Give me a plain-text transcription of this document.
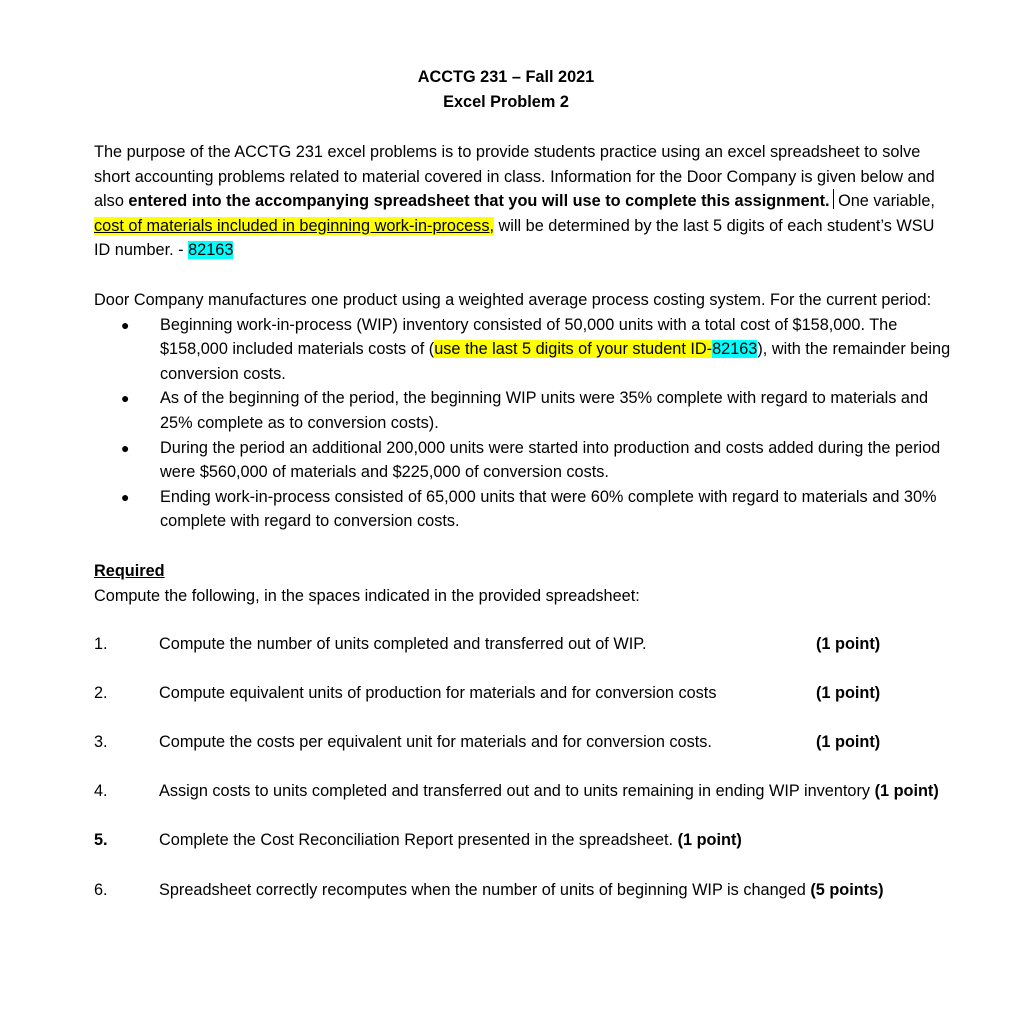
ACCTG 231 – Fall 2021
Excel Problem 2

The purpose of the ACCTG 231 excel problems is to provide students practice using an excel spreadsheet to solve short accounting problems related to material covered in class. Information for the Door Company is given below and also entered into the accompanying spreadsheet that you will use to complete this assignment. One variable, cost of materials included in beginning work-in-process, will be determined by the last 5 digits of each student’s WSU ID number. - 82163

Door Company manufactures one product using a weighted average process costing system. For the current period:

● Beginning work-in-process (WIP) inventory consisted of 50,000 units with a total cost of $158,000. The $158,000 included materials costs of (use the last 5 digits of your student ID-82163), with the remainder being conversion costs.
● As of the beginning of the period, the beginning WIP units were 35% complete with regard to materials and 25% complete as to conversion costs).
● During the period an additional 200,000 units were started into production and costs added during the period were $560,000 of materials and $225,000 of conversion costs.
● Ending work-in-process consisted of 65,000 units that were 60% complete with regard to materials and 30% complete with regard to conversion costs.

Required

Compute the following, in the spaces indicated in the provided spreadsheet:

1.	Compute the number of units completed and transferred out of WIP.	(1 point)
2.	Compute equivalent units of production for materials and for conversion costs	(1 point)
3.	Compute the costs per equivalent unit for materials and for conversion costs.	(1 point)
4.	Assign costs to units completed and transferred out and to units remaining in ending WIP inventory (1 point)
5.	Complete the Cost Reconciliation Report presented in the spreadsheet. (1 point)
6.	Spreadsheet correctly recomputes when the number of units of beginning WIP is changed (5 points)
